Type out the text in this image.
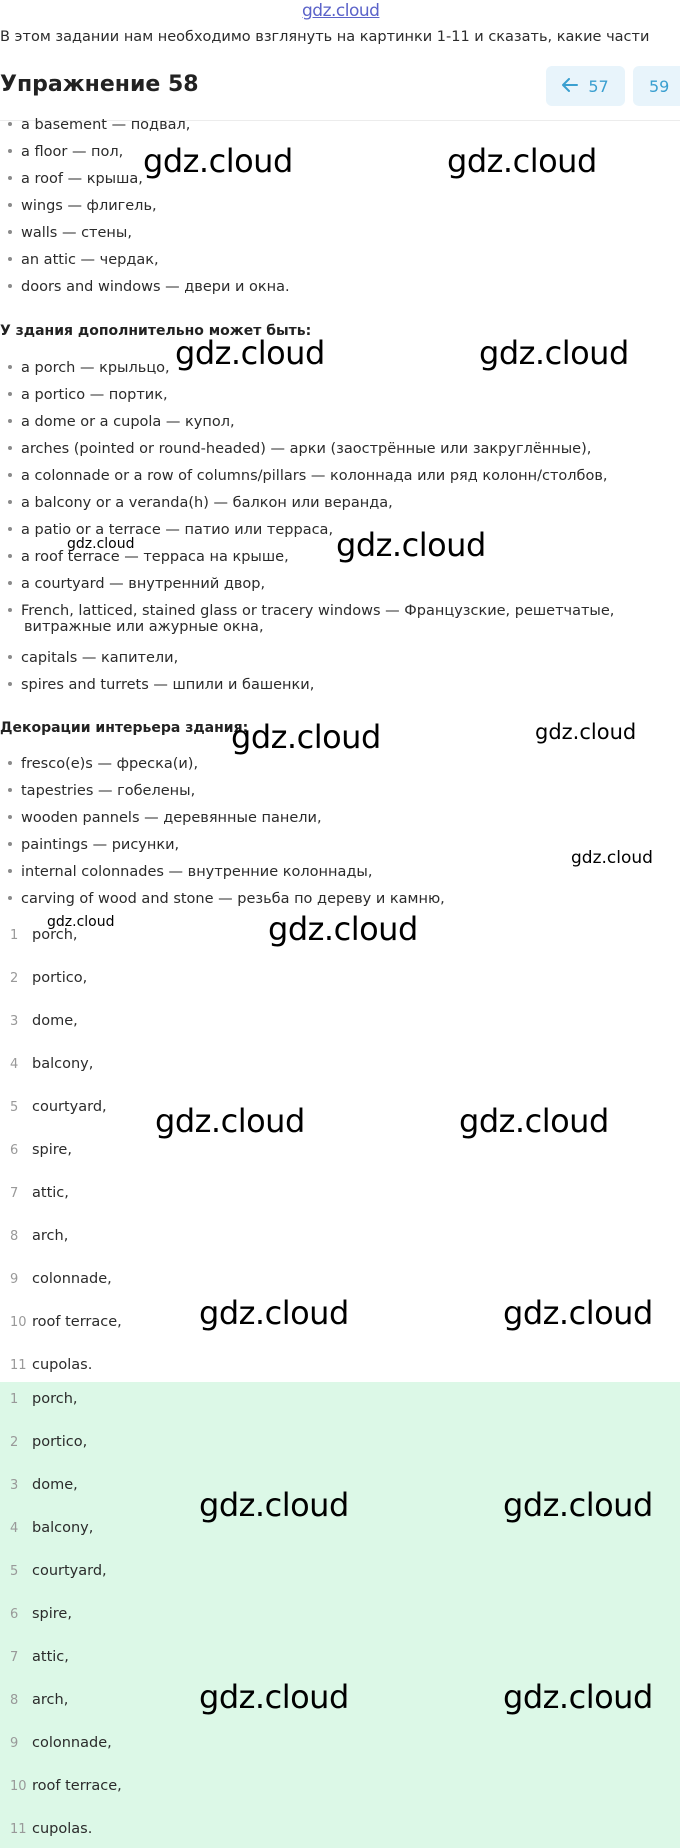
gdz.cloud
В этом задании нам необходимо взглянуть на картинки 1-11 и сказать, какие части
Упражнение 58	57	59
a basement — подвал,
a floor — пол,
a roof — крыша,
wings — флигель,
walls — стены,
an attic — чердак,
doors and windows — двери и окна.
У здания дополнительно может быть:
a porch — крыльцо,
a portico — портик,
a dome or a cupola — купол,
arches (pointed or round-headed) — арки (заострённые или закруглённые),
a colonnade or a row of columns/pillars — колоннада или ряд колонн/столбов,
a balcony or a veranda(h) — балкон или веранда,
a patio or a terrace — патио или терраса,
a roof terrace — терраса на крыше,
a courtyard — внутренний двор,
French, latticed, stained glass or tracery windows — Французские, решетчатые,
витражные или ажурные окна,
capitals — капители,
spires and turrets — шпили и башенки,
Декорации интерьера здания:
fresco(e)s — фреска(и),
tapestries — гобелены,
wooden pannels — деревянные панели,
paintings — рисунки,
internal colonnades — внутренние колоннады,
carving of wood and stone — резьба по дереву и камню,
1 porch,
2 portico,
3 dome,
4 balcony,
5 courtyard,
6 spire,
7 attic,
8 arch,
9 colonnade,
10 roof terrace,
11 cupolas.
1 porch,
2 portico,
3 dome,
4 balcony,
5 courtyard,
6 spire,
7 attic,
8 arch,
9 colonnade,
10 roof terrace,
11 cupolas.
gdz.cloud	gdz.cloud
gdz.cloud	gdz.cloud
gdz.cloud	gdz.cloud
gdz.cloud	gdz.cloud
gdz.cloud
gdz.cloud	gdz.cloud
gdz.cloud	gdz.cloud
gdz.cloud	gdz.cloud
gdz.cloud	gdz.cloud
gdz.cloud	gdz.cloud
